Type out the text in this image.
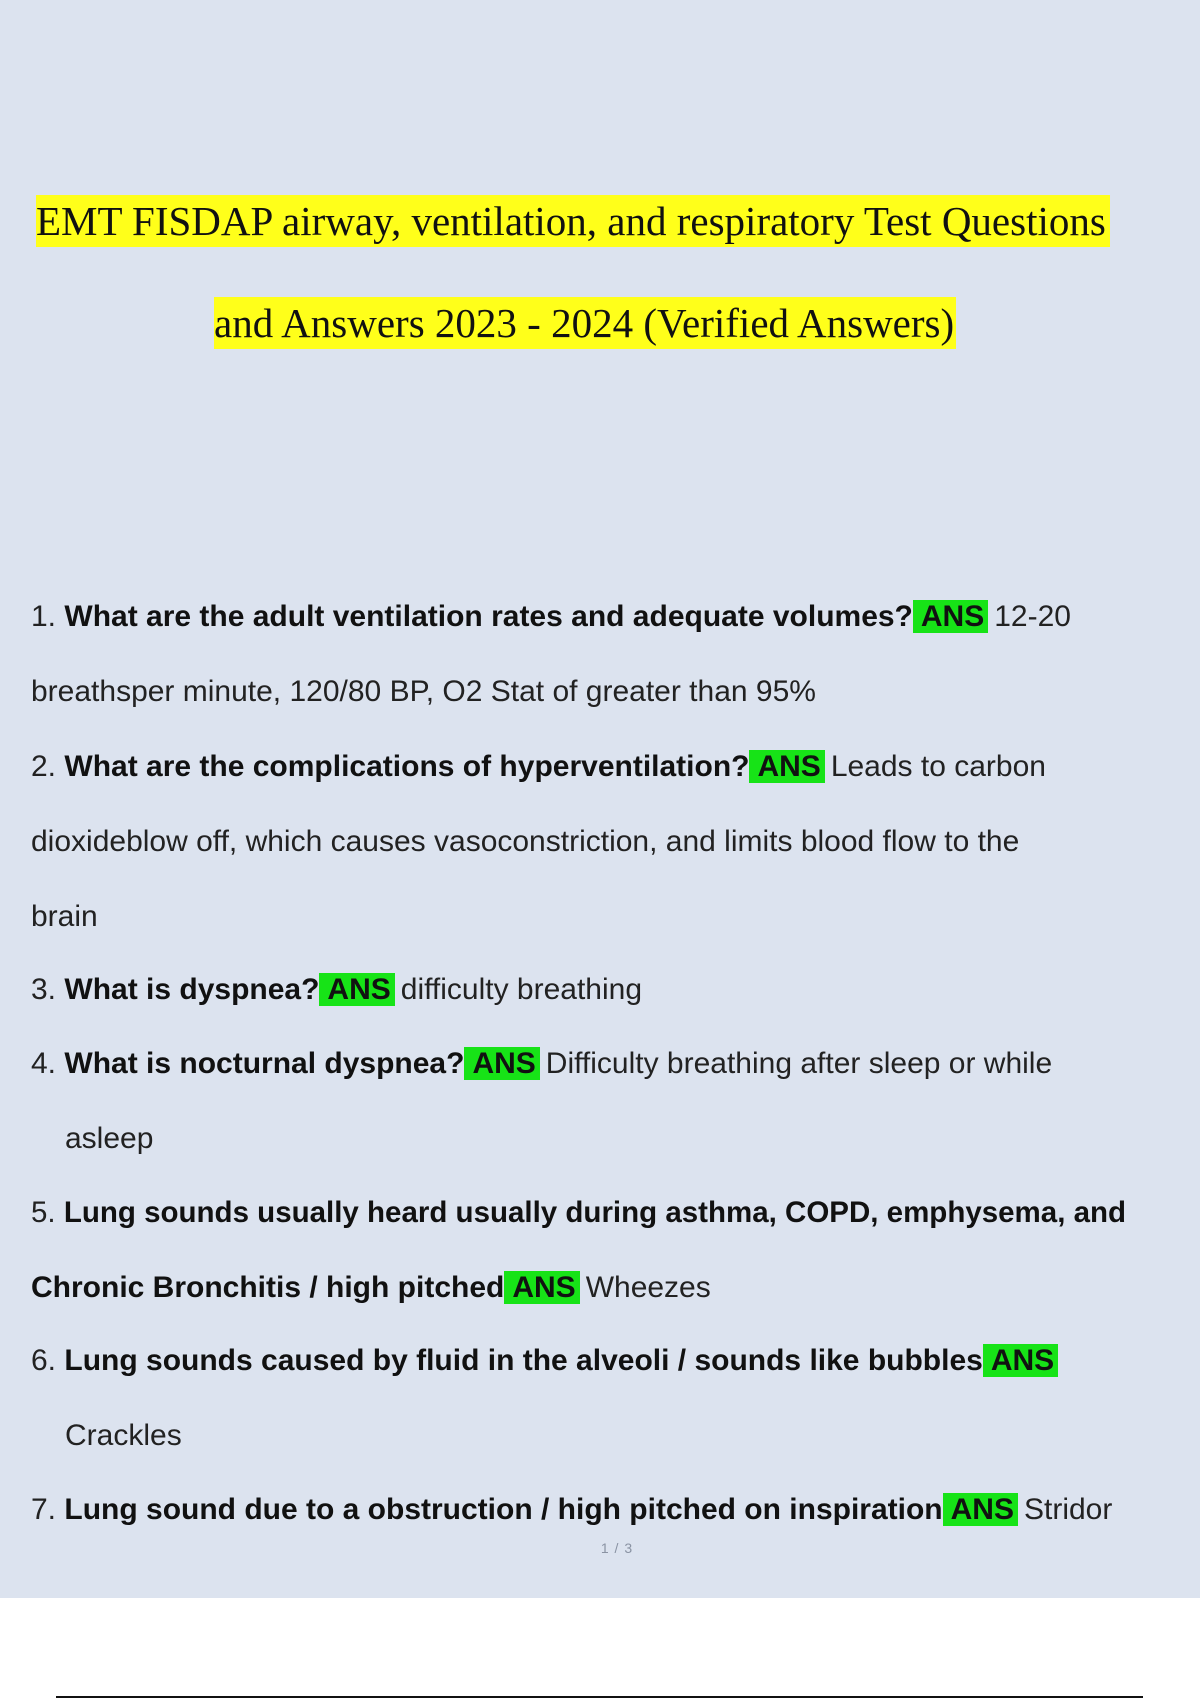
EMT FISDAP airway, ventilation, and respiratory Test Questions
and Answers 2023 - 2024 (Verified Answers)
1. What are the adult ventilation rates and adequate volumes? ANS 12-20
breathsper minute, 120/80 BP, O2 Stat of greater than 95%
2. What are the complications of hyperventilation? ANS Leads to carbon
dioxideblow off, which causes vasoconstriction, and limits blood flow to the
brain
3. What is dyspnea? ANS difficulty breathing
4. What is nocturnal dyspnea? ANS Difficulty breathing after sleep or while
asleep
5. Lung sounds usually heard usually during asthma, COPD, emphysema, and
Chronic Bronchitis / high pitched ANS Wheezes
6. Lung sounds caused by fluid in the alveoli / sounds like bubbles ANS
Crackles
7. Lung sound due to a obstruction / high pitched on inspiration ANS Stridor
1 / 3
